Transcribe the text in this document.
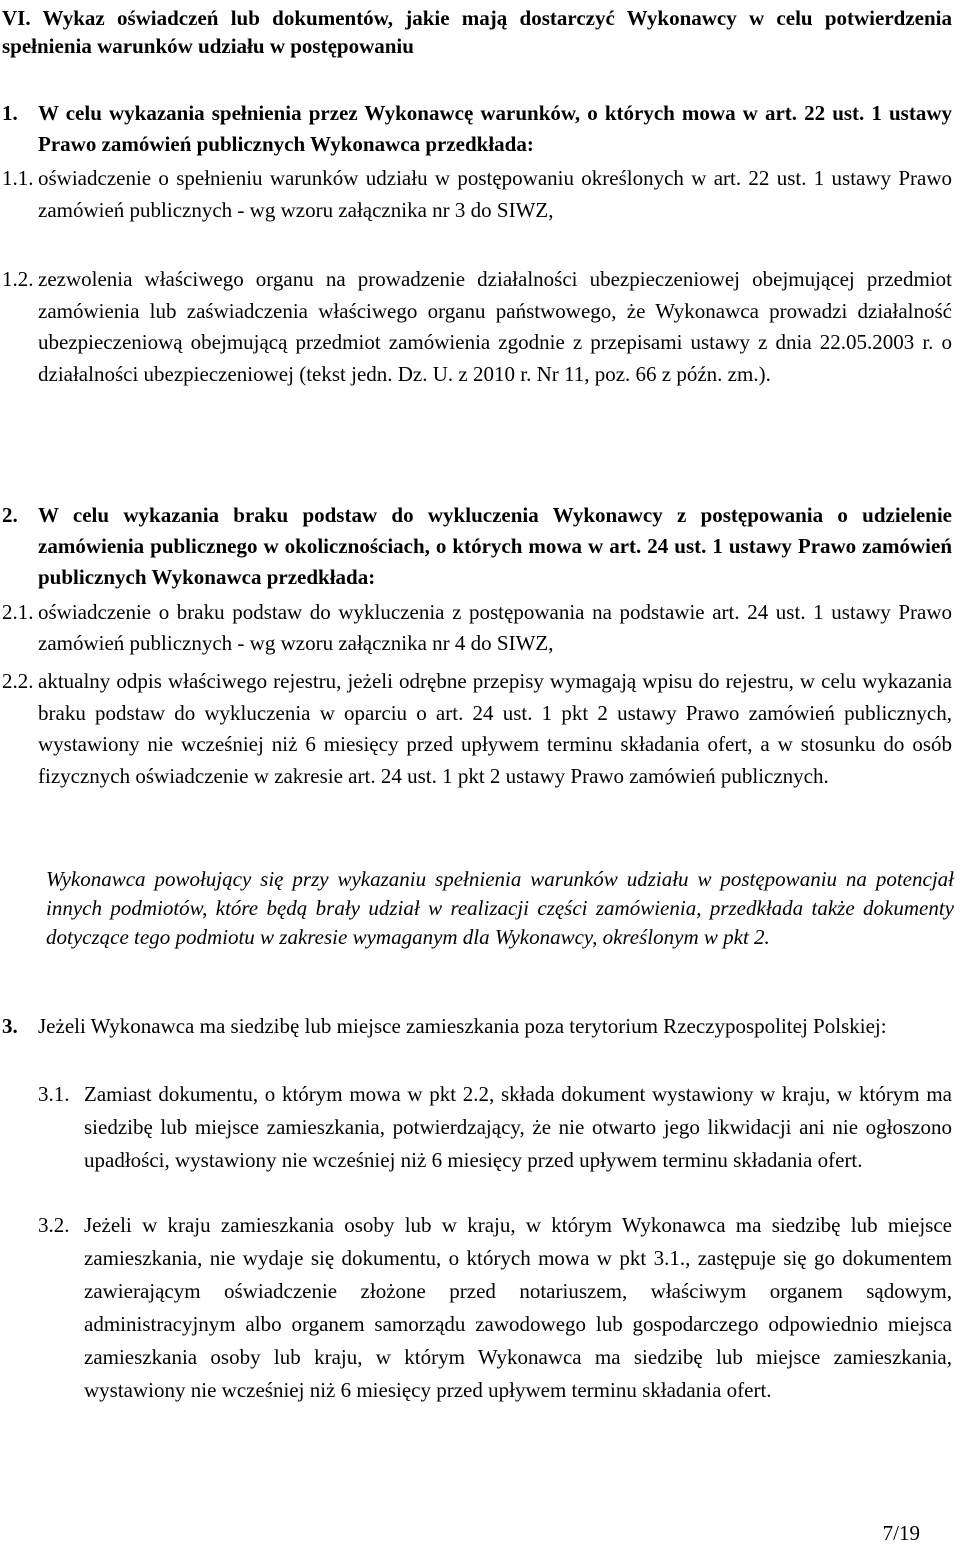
VI. Wykaz oświadczeń lub dokumentów, jakie mają dostarczyć Wykonawcy w celu potwierdzenia spełnienia warunków udziału w postępowaniu
1. W celu wykazania spełnienia przez Wykonawcę warunków, o których mowa w art. 22 ust. 1 ustawy Prawo zamówień publicznych Wykonawca przedkłada:
1.1. oświadczenie o spełnieniu warunków udziału w postępowaniu określonych w art. 22 ust. 1 ustawy Prawo zamówień publicznych - wg wzoru załącznika nr 3 do SIWZ,
1.2. zezwolenia właściwego organu na prowadzenie działalności ubezpieczeniowej obejmującej przedmiot zamówienia lub zaświadczenia właściwego organu państwowego, że Wykonawca prowadzi działalność ubezpieczeniową obejmującą przedmiot zamówienia zgodnie z przepisami ustawy z dnia 22.05.2003 r. o działalności ubezpieczeniowej (tekst jedn. Dz. U. z 2010 r. Nr 11, poz. 66 z późn. zm.).
2. W celu wykazania braku podstaw do wykluczenia Wykonawcy z postępowania o udzielenie zamówienia publicznego w okolicznościach, o których mowa w art. 24 ust. 1 ustawy Prawo zamówień publicznych Wykonawca przedkłada:
2.1. oświadczenie o braku podstaw do wykluczenia z postępowania na podstawie art. 24 ust. 1 ustawy Prawo zamówień publicznych - wg wzoru załącznika nr 4 do SIWZ,
2.2. aktualny odpis właściwego rejestru, jeżeli odrębne przepisy wymagają wpisu do rejestru, w celu wykazania braku podstaw do wykluczenia w oparciu o art. 24 ust. 1 pkt 2 ustawy Prawo zamówień publicznych, wystawiony nie wcześniej niż 6 miesięcy przed upływem terminu składania ofert, a w stosunku do osób fizycznych oświadczenie w zakresie art. 24 ust. 1 pkt 2 ustawy Prawo zamówień publicznych.
Wykonawca powołujący się przy wykazaniu spełnienia warunków udziału w postępowaniu na potencjał innych podmiotów, które będą brały udział w realizacji części zamówienia, przedkłada także dokumenty dotyczące tego podmiotu w zakresie wymaganym dla Wykonawcy, określonym w pkt 2.
3. Jeżeli Wykonawca ma siedzibę lub miejsce zamieszkania poza terytorium Rzeczypospolitej Polskiej:
3.1. Zamiast dokumentu, o którym mowa w pkt 2.2, składa dokument wystawiony w kraju, w którym ma siedzibę lub miejsce zamieszkania, potwierdzający, że nie otwarto jego likwidacji ani nie ogłoszono upadłości, wystawiony nie wcześniej niż 6 miesięcy przed upływem terminu składania ofert.
3.2. Jeżeli w kraju zamieszkania osoby lub w kraju, w którym Wykonawca ma siedzibę lub miejsce zamieszkania, nie wydaje się dokumentu, o których mowa w pkt 3.1., zastępuje się go dokumentem zawierającym oświadczenie złożone przed notariuszem, właściwym organem sądowym, administracyjnym albo organem samorządu zawodowego lub gospodarczego odpowiednio miejsca zamieszkania osoby lub kraju, w którym Wykonawca ma siedzibę lub miejsce zamieszkania, wystawiony nie wcześniej niż 6 miesięcy przed upływem terminu składania ofert.
7/19
